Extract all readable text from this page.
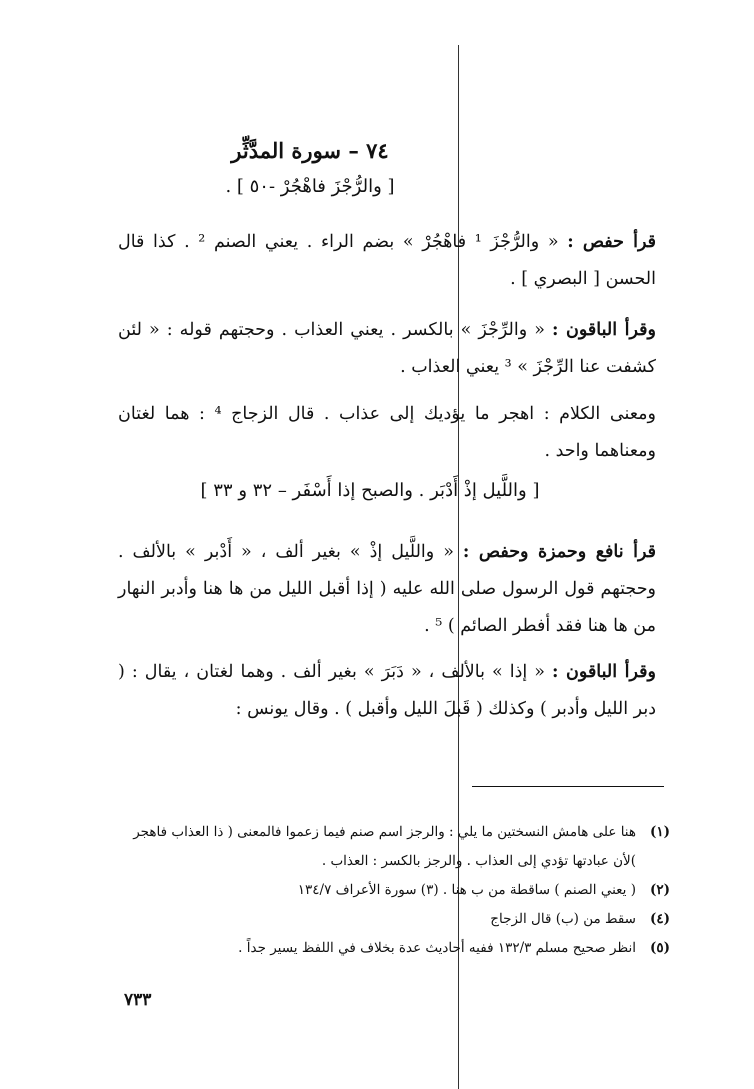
٧٤ – سورة المدَّثِّر
[ والرُّجْزَ فاهْجُرْ -٥٠ ] .
قرأ حفص : « والرُّجْزَ ¹ فاهْجُرْ » بضم الراء . يعني الصنم ² . كذا قال الحسن [ البصري ] .
وقرأ الباقون : « والرِّجْزَ » بالكسر . يعني العذاب . وحجتهم قوله : « لئن كشفت عنا الرِّجْزَ » ³ يعني العذاب .
ومعنى الكلام : اهجر ما يؤديك إلى عذاب . قال الزجاج ⁴ : هما لغتان ومعناهما واحد .
[ واللَّيل إذْ أَدْبَر . والصبح إذا أَسْفَر – ٣٢ و ٣٣ ]
قرأ نافع وحمزة وحفص : « واللَّيل إذْ » بغير ألف ، « أَدْبر » بالألف . وحجتهم قول الرسول صلى الله عليه ( إذا أقبل الليل من ها هنا وأدبر النهار من ها هنا فقد أفطر الصائم ) ⁵ .
وقرأ الباقون : « إذا » بالألف ، « دَبَرَ » بغير ألف . وهما لغتان ، يقال : ( دبر الليل وأدبر ) وكذلك ( قَبلَ الليل وأقبل ) . وقال يونس :
(١)
هنا على هامش النسختين ما يلي : والرجز اسم صنم فيما زعموا فالمعنى ( ذا العذاب فاهجر )لأن عبادتها تؤدي إلى العذاب . والرجز بالكسر : العذاب .
(٢)
( يعني الصنم ) ساقطة من ب هنا . (٣) سورة الأعراف ١٣٤/٧
(٤)
سقط من (ب) قال الزجاج
(٥)
انظر صحيح مسلم ١٣٢/٣ ففيه أحاديث عدة بخلاف في اللفظ يسير جداً .
٧٣٣
